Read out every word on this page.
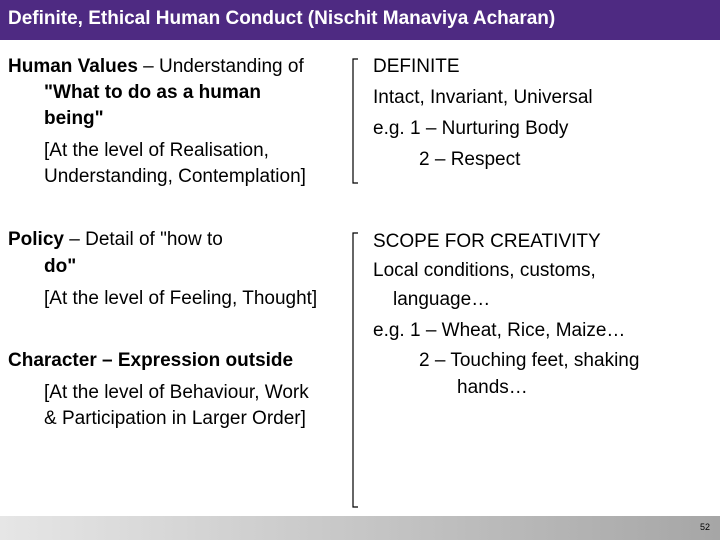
Definite, Ethical Human Conduct (Nischit Manaviya Acharan)
Human Values – Understanding of
"What to do as a human
being"
[At the level of Realisation,
Understanding, Contemplation]
Policy – Detail of "how to
do"
[At the level of Feeling, Thought]
Character – Expression outside
[At the level of Behaviour, Work
& Participation in Larger Order]
DEFINITE
Intact, Invariant, Universal
e.g. 1 – Nurturing Body
2 – Respect
SCOPE FOR CREATIVITY
Local conditions, customs,
language…
e.g. 1 – Wheat, Rice, Maize…
2 – Touching feet, shaking
hands…
52
